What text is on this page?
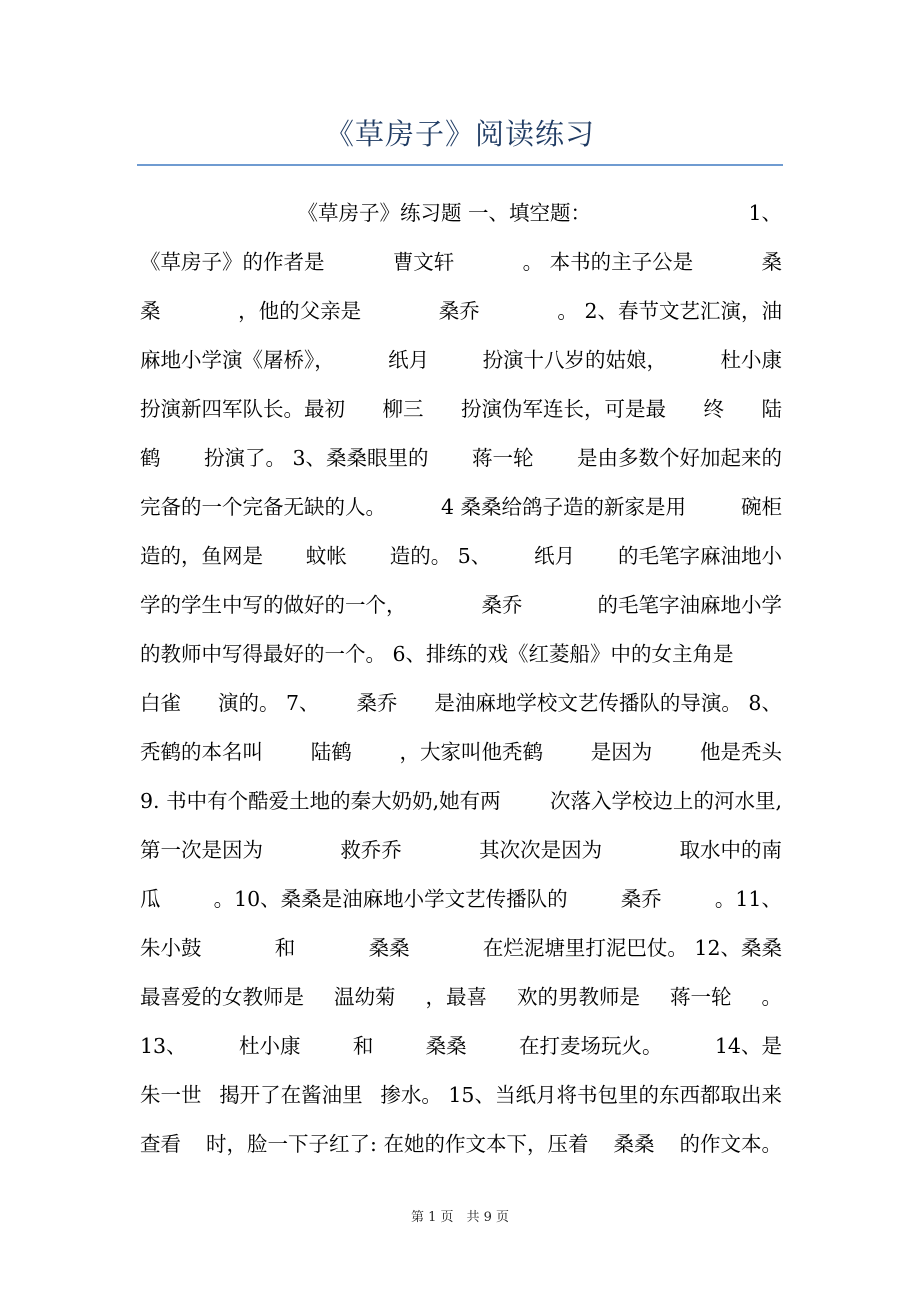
《草房子》阅读练习
《草房子》练习题 一、填空题：	1、
《草房子》的作者是	曹文轩	。 本书的主子公是	桑
桑	，他的父亲是	桑乔	。 2、春节文艺汇演，油
麻地小学演《屠桥》，	纸月	扮演十八岁的姑娘，	杜小康
扮演新四军队长。最初 柳三 扮演伪军连长，可是最 终 陆
鹤 扮演了。 3、桑桑眼里的 蒋一轮 是由多数个好加起来的
完备的一个完备无缺的人。	4 桑桑给鸽子造的新家是用	碗柜
造的，鱼网是 蚊帐 造的。 5、 纸月 的毛笔字麻油地小
学的学生中写的做好的一个，	桑乔	的毛笔字油麻地小学
的教师中写得最好的一个。 6、排练的戏《红菱船》中的女主角是
白雀 演的。 7、 桑乔 是油麻地学校文艺传播队的导演。 8、
秃鹤的本名叫 陆鹤 ，大家叫他秃鹤 是因为 他是秃头
9. 书中有个酷爱土地的秦大奶奶,她有两 次落入学校边上的河水里,
第一次是因为	救乔乔	其次次是因为	取水中的南
瓜	。10、桑桑是油麻地小学文艺传播队的	桑乔	。11、
朱小鼓	和	桑桑	在烂泥塘里打泥巴仗。 12、桑桑
最喜爱的女教师是 温幼菊 ，最喜 欢的男教师是 蒋一轮 。
13、	杜小康	和	桑桑	在打麦场玩火。	14、是
朱一世 揭开了在酱油里 掺水。 15、当纸月将书包里的东西都取出来
查看 时，脸一下子红了: 在她的作文本下，压着 桑桑 的作文本。
第 1 页　共 9 页
